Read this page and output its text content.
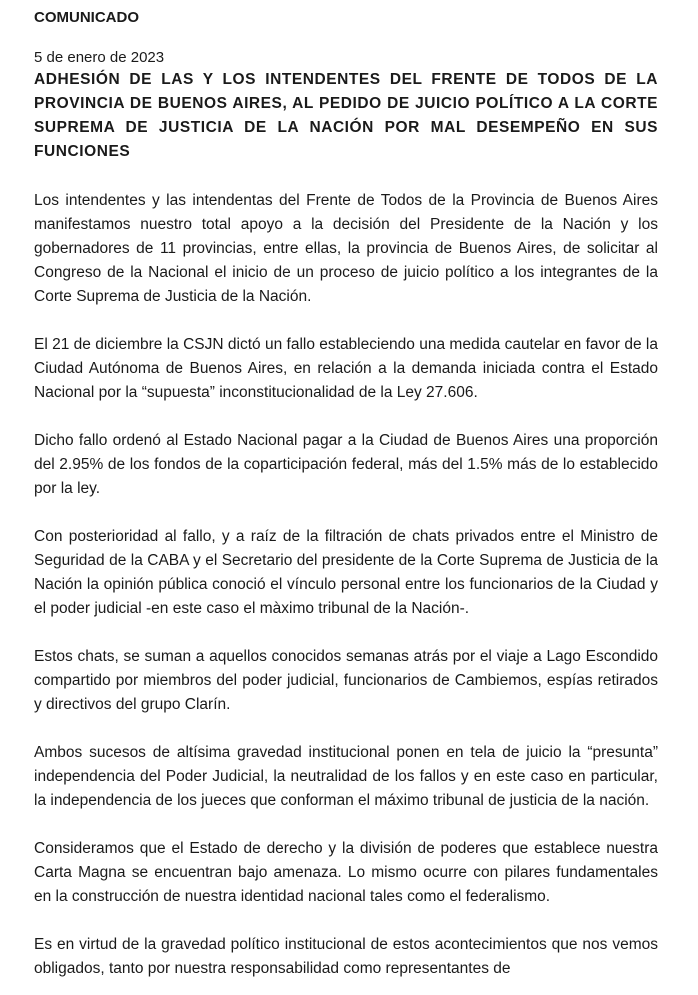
COMUNICADO
5 de enero de 2023
ADHESIÓN DE LAS Y LOS INTENDENTES DEL FRENTE DE TODOS DE LA PROVINCIA DE BUENOS AIRES, AL PEDIDO DE JUICIO POLÍTICO A LA CORTE SUPREMA DE JUSTICIA DE LA NACIÓN POR MAL DESEMPEÑO EN SUS FUNCIONES

Los intendentes y las intendentas del Frente de Todos de la Provincia de Buenos Aires manifestamos nuestro total apoyo a la decisión del Presidente de la Nación y los gobernadores de 11 provincias, entre ellas, la provincia de Buenos Aires, de solicitar al Congreso de la Nacional el inicio de un proceso de juicio político a los integrantes de la Corte Suprema de Justicia de la Nación.

El 21 de diciembre la CSJN dictó un fallo estableciendo una medida cautelar en favor de la Ciudad Autónoma de Buenos Aires, en relación a la demanda iniciada contra el Estado Nacional por la “supuesta” inconstitucionalidad de la Ley 27.606.

Dicho fallo ordenó al Estado Nacional pagar a la Ciudad de Buenos Aires una proporción del 2.95% de los fondos de la coparticipación federal, más del 1.5% más de lo establecido por la ley.

Con posterioridad al fallo, y a raíz de la filtración de chats privados entre el Ministro de Seguridad de la CABA y el Secretario del presidente de la Corte Suprema de Justicia de la Nación la opinión pública conoció el vínculo personal entre los funcionarios de la Ciudad y el poder judicial -en este caso el màximo tribunal de la Nación-.

Estos chats, se suman a aquellos conocidos semanas atrás por el viaje a Lago Escondido compartido por miembros del poder judicial, funcionarios de Cambiemos, espías retirados y directivos del grupo Clarín.

Ambos sucesos de altísima gravedad institucional ponen en tela de juicio la “presunta” independencia del Poder Judicial, la neutralidad de los fallos y en este caso en particular, la independencia de los jueces que conforman el máximo tribunal de justicia de la nación.

Consideramos que el Estado de derecho y la división de poderes que establece nuestra Carta Magna se encuentran bajo amenaza. Lo mismo ocurre con pilares fundamentales en la construcción de nuestra identidad nacional tales como el federalismo.

Es en virtud de la gravedad político institucional de estos acontecimientos que nos vemos obligados, tanto por nuestra responsabilidad como representantes de
